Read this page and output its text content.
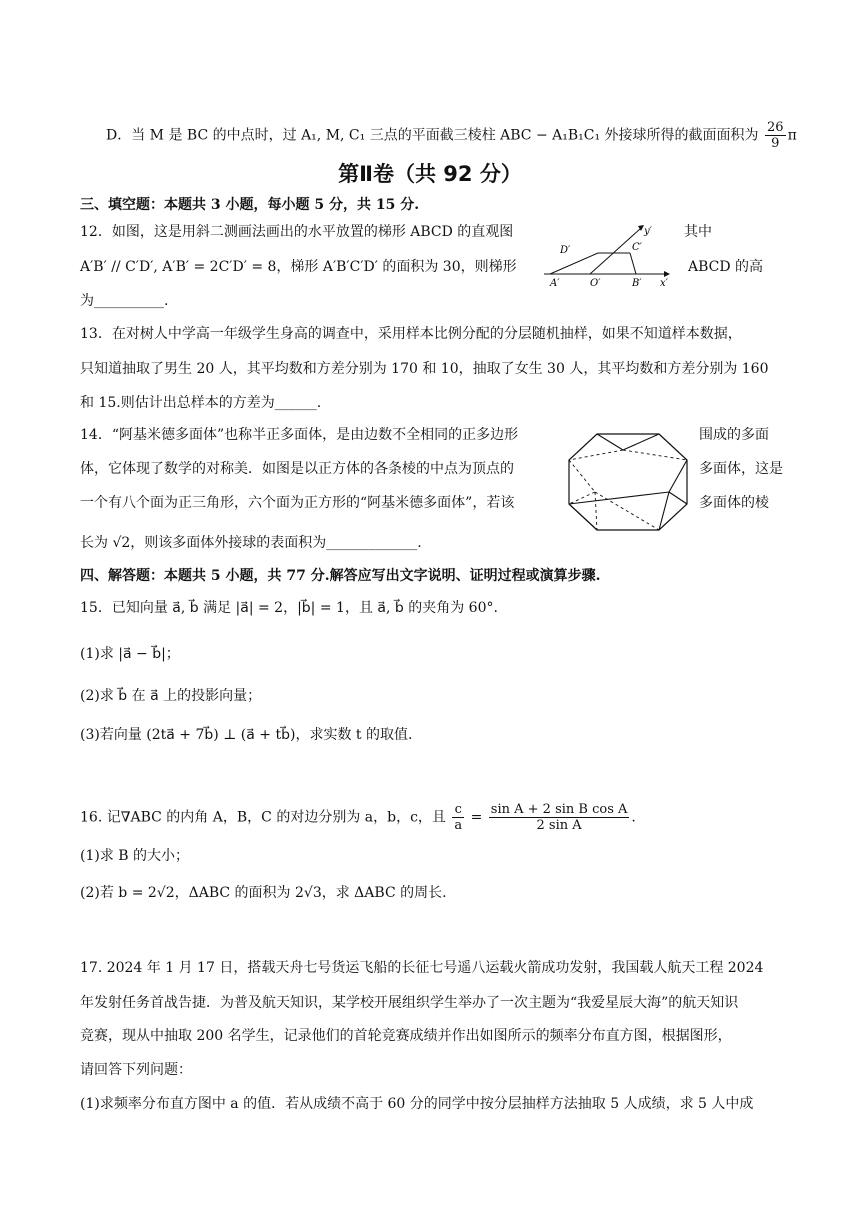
D．当 M 是 BC 的中点时，过 A₁, M, C₁ 三点的平面截三棱柱 ABC − A₁B₁C₁ 外接球所得的截面面积为 $\frac{26}{9}$ π
第Ⅱ卷（共 92 分）
三、填空题：本题共 3 小题，每小题 5 分，共 15 分.
12．如图，这是用斜二测画法画出的水平放置的梯形 ABCD 的直观图	其中
A′B′ // C′D′, A′B′ = 2C′D′ = 8，梯形 A′B′C′D′ 的面积为 30，则梯形	ABCD 的高
为__________.
D′	C′
A′	O′	B′ x′
y′
13．在对树人中学高一年级学生身高的调查中，采用样本比例分配的分层随机抽样，如果不知道样本数据，
只知道抽取了男生 20 人，其平均数和方差分别为 170 和 10，抽取了女生 30 人，其平均数和方差分别为 160
和 15.则估计出总样本的方差为______.
14．“阿基米德多面体”也称半正多面体，是由边数不全相同的正多边形	围成的多面
体，它体现了数学的对称美．如图是以正方体的各条棱的中点为顶点的	多面体，这是
一个有八个面为正三角形，六个面为正方形的“阿基米德多面体”，若该	多面体的棱
长为 √2，则该多面体外接球的表面积为_____________.
四、解答题：本题共 5 小题，共 77 分.解答应写出文字说明、证明过程或演算步骤.
15．已知向量 a⃗, b⃗ 满足 |a⃗| = 2，|b⃗| = 1，且 a⃗, b⃗ 的夹角为 60°.
(1)求 |a⃗ − b⃗|；
(2)求 b⃗ 在 a⃗ 上的投影向量；
(3)若向量 (2ta⃗ + 7b⃗) ⊥ (a⃗ + tb⃗)，求实数 t 的取值.
16. 记∇ABC 的内角 A，B，C 的对边分别为 a，b，c，且 $\frac{c}{a} = \frac{\text{sin A + 2 sin B cos A}}{\text{2 sin A}}$ .
(1)求 B 的大小；
(2)若 b = 2√2，ΔABC 的面积为 2√3，求 ΔABC 的周长.
17. 2024 年 1 月 17 日，搭载天舟七号货运飞船的长征七号遥八运载火箭成功发射，我国载人航天工程 2024
年发射任务首战告捷．为普及航天知识，某学校开展组织学生举办了一次主题为“我爱星辰大海”的航天知识
竞赛，现从中抽取 200 名学生，记录他们的首轮竞赛成绩并作出如图所示的频率分布直方图，根据图形，
请回答下列问题：
(1)求频率分布直方图中 a 的值．若从成绩不高于 60 分的同学中按分层抽样方法抽取 5 人成绩，求 5 人中成
